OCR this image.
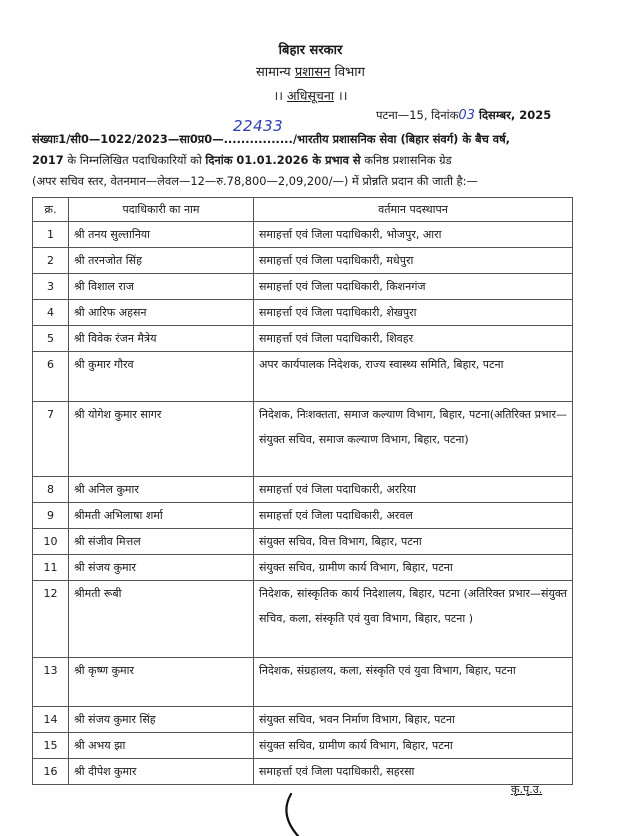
बिहार सरकार
सामान्य प्रशासन विभाग
।। अधिसूचना ।।
पटना—15, दिनांक03 दिसम्बर, 2025
22433
संख्याः1/सी0—1022/2023—सा0प्र0—................/भारतीय प्रशासनिक सेवा (बिहार संवर्ग) के बैच वर्ष,
2017 के निम्नलिखित पदाधिकारियों को दिनांक 01.01.2026 के प्रभाव से कनिष्ठ प्रशासनिक ग्रेड
(अपर सचिव स्तर, वेतनमान—लेवल—12—रु.78,800—2,09,200/—) में प्रोन्नति प्रदान की जाती है:—
क्र.	पदाधिकारी का नाम	वर्तमान पदस्थापन
1	श्री तनय सुल्तानिया	समाहर्त्ता एवं जिला पदाधिकारी, भोजपुर, आरा
2	श्री तरनजोत सिंह	समाहर्त्ता एवं जिला पदाधिकारी, मधेपुरा
3	श्री विशाल राज	समाहर्त्ता एवं जिला पदाधिकारी, किशनगंज
4	श्री आरिफ अहसन	समाहर्त्ता एवं जिला पदाधिकारी, शेखपुरा
5	श्री विवेक रंजन मैत्रेय	समाहर्त्ता एवं जिला पदाधिकारी, शिवहर
6	श्री कुमार गौरव	अपर कार्यपालक निदेशक, राज्य स्वास्थ्य समिति, बिहार, पटना
7	श्री योगेश कुमार सागर	निदेशक, निःशक्तता, समाज कल्याण विभाग, बिहार, पटना(अतिरिक्त प्रभार—संयुक्त सचिव, समाज कल्याण विभाग, बिहार, पटना)
8	श्री अनिल कुमार	समाहर्त्ता एवं जिला पदाधिकारी, अररिया
9	श्रीमती अभिलाषा शर्मा	समाहर्त्ता एवं जिला पदाधिकारी, अरवल
10	श्री संजीव मित्तल	संयुक्त सचिव, वित्त विभाग, बिहार, पटना
11	श्री संजय कुमार	संयुक्त सचिव, ग्रामीण कार्य विभाग, बिहार, पटना
12	श्रीमती रूबी	निदेशक, सांस्कृतिक कार्य निदेशालय, बिहार, पटना (अतिरिक्त प्रभार—संयुक्त सचिव, कला, संस्कृति एवं युवा विभाग, बिहार, पटना )
13	श्री कृष्ण कुमार	निदेशक, संग्रहालय, कला, संस्कृति एवं युवा विभाग, बिहार, पटना
14	श्री संजय कुमार सिंह	संयुक्त सचिव, भवन निर्माण विभाग, बिहार, पटना
15	श्री अभय झा	संयुक्त सचिव, ग्रामीण कार्य विभाग, बिहार, पटना
16	श्री दीपेश कुमार	समाहर्त्ता एवं जिला पदाधिकारी, सहरसा
कृ.पृ.उ.
